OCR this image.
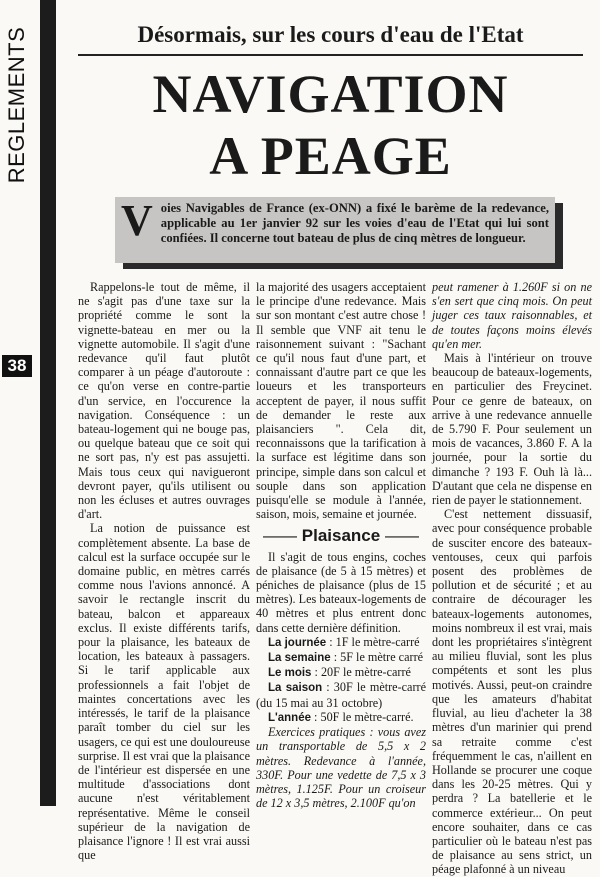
REGLEMENTS
38
Désormais, sur les cours d'eau de l'Etat
NAVIGATION
A PEAGE
V oies Navigables de France (ex-ONN) a fixé le barème de la redevance, applicable au 1er janvier 92 sur les voies d'eau de l'Etat qui lui sont confiées. Il concerne tout bateau de plus de cinq mètres de longueur.

Rappelons-le tout de même, il ne s'agit pas d'une taxe sur la propriété comme le sont la vignette-bateau en mer ou la vignette automobile. Il s'agit d'une redevance qu'il faut plutôt comparer à un péage d'autoroute : ce qu'on verse en contre-partie d'un service, en l'occurence la navigation. Conséquence : un bateau-logement qui ne bouge pas, ou quelque bateau que ce soit qui ne sort pas, n'y est pas assujetti. Mais tous ceux qui navigueront devront payer, qu'ils utilisent ou non les écluses et autres ouvrages d'art.

La notion de puissance est complètement absente. La base de calcul est la surface occupée sur le domaine public, en mètres carrés comme nous l'avions annoncé. A savoir le rectangle inscrit du bateau, balcon et appareaux exclus. Il existe différents tarifs, pour la plaisance, les bateaux de location, les bateaux à passagers. Si le tarif applicable aux professionnels a fait l'objet de maintes concertations avec les intéressés, le tarif de la plaisance paraît tomber du ciel sur les usagers, ce qui est une douloureuse surprise. Il est vrai que la plaisance de l'intérieur est dispersée en une multitude d'associations dont aucune n'est véritablement représentative. Même le conseil supérieur de la navigation de plaisance l'ignore ! Il est vrai aussi que

la majorité des usagers acceptaient le principe d'une redevance. Mais sur son montant c'est autre chose ! Il semble que VNF ait tenu le raisonnement suivant : "Sachant ce qu'il nous faut d'une part, et connaissant d'autre part ce que les loueurs et les transporteurs acceptent de payer, il nous suffit de demander le reste aux plaisanciers ". Cela dit, reconnaissons que la tarification à la surface est légitime dans son principe, simple dans son calcul et souple dans son application puisqu'elle se module à l'année, saison, mois, semaine et journée.

—— Plaisance ——

Il s'agit de tous engins, coches de plaisance (de 5 à 15 mètres) et péniches de plaisance (plus de 15 mètres). Les bateaux-logements de 40 mètres et plus entrent donc dans cette dernière définition.

La journée : 1F le mètre-carré

La semaine : 5F le mètre carré

Le mois : 20F le mètre-carré

La saison : 30F le mètre-carré (du 15 mai au 31 octobre)

L'année : 50F le mètre-carré.

Exercices pratiques : vous avez un transportable de 5,5 x 2 mètres. Redevance à l'année, 330F. Pour une vedette de 7,5 x 3 mètres, 1.125F. Pour un croiseur de 12 x 3,5 mètres, 2.100F qu'on

peut ramener à 1.260F si on ne s'en sert que cinq mois. On peut juger ces taux raisonnables, et de toutes façons moins élevés qu'en mer.

Mais à l'intérieur on trouve beaucoup de bateaux-logements, en particulier des Freycinet. Pour ce genre de bateaux, on arrive à une redevance annuelle de 5.790 F. Pour seulement un mois de vacances, 3.860 F. A la journée, pour la sortie du dimanche ? 193 F. Ouh là là... D'autant que cela ne dispense en rien de payer le stationnement.

C'est nettement dissuasif, avec pour conséquence probable de susciter encore des bateaux-ventouses, ceux qui parfois posent des problèmes de pollution et de sécurité ; et au contraire de décourager les bateaux-logements autonomes, moins nombreux il est vrai, mais dont les propriétaires s'intègrent au milieu fluvial, sont les plus compétents et sont les plus motivés. Aussi, peut-on craindre que les amateurs d'habitat fluvial, au lieu d'acheter la 38 mètres d'un marinier qui prend sa retraite comme c'est fréquemment le cas, n'aillent en Hollande se procurer une coque dans les 20-25 mètres. Qui y perdra ? La batellerie et le commerce extérieur... On peut encore souhaiter, dans ce cas particulier où le bateau n'est pas de plaisance au sens strict, un péage plafonné à un niveau
